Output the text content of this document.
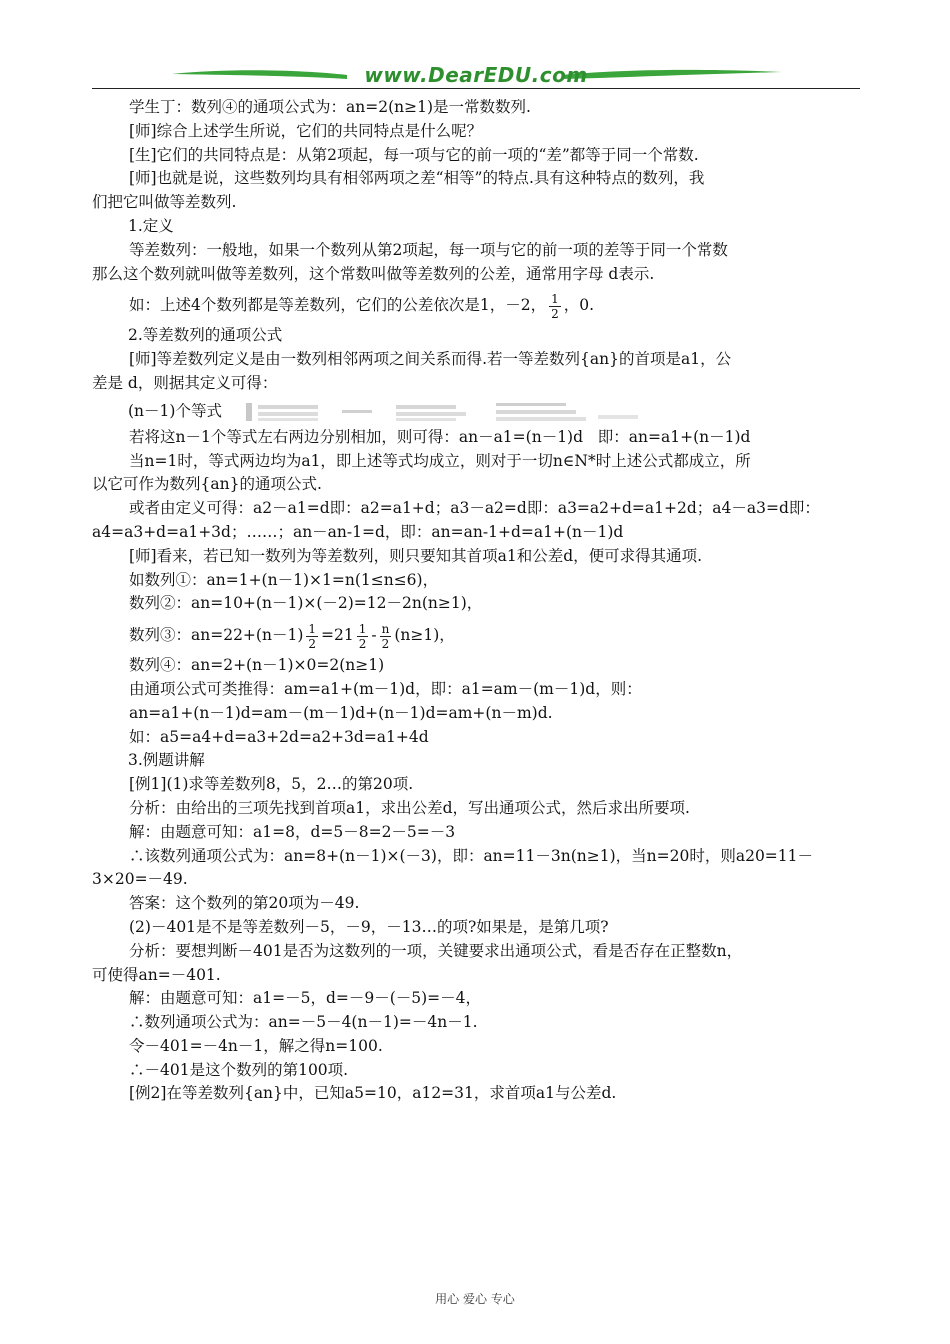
www.DearEDU.com
学生丁：数列④的通项公式为：an=2(n≥1)是一常数数列.
[师]综合上述学生所说，它们的共同特点是什么呢？
[生]它们的共同特点是：从第2项起，每一项与它的前一项的“差”都等于同一个常数.
[师]也就是说，这些数列均具有相邻两项之差“相等”的特点.具有这种特点的数列，我
们把它叫做等差数列.
1.定义
等差数列：一般地，如果一个数列从第2项起，每一项与它的前一项的差等于同一个常数
那么这个数列就叫做等差数列，这个常数叫做等差数列的公差，通常用字母 d表示.
如：上述4个数列都是等差数列，它们的公差依次是1，－2， $\frac{1}{2}$ ，0.
2.等差数列的通项公式
[师]等差数列定义是由一数列相邻两项之间关系而得.若一等差数列{an}的首项是a1，公
差是 d，则据其定义可得：
(n－1)个等式
若将这n－1个等式左右两边分别相加，则可得：an－a1=(n－1)d   即：an=a1+(n－1)d
当n=1时，等式两边均为a1，即上述等式均成立，则对于一切n∈N*时上述公式都成立，所
以它可作为数列{an}的通项公式.
或者由定义可得：a2－a1=d即：a2=a1+d；a3－a2=d即：a3=a2+d=a1+2d；a4－a3=d即：
a4=a3+d=a1+3d；……；an－an-1=d，即：an=an-1+d=a1+(n－1)d
[师]看来，若已知一数列为等差数列，则只要知其首项a1和公差d，便可求得其通项.
如数列①：an=1+(n－1)×1=n(1≤n≤6)，
数列②：an=10+(n－1)×(－2)=12－2n(n≥1)，
数列③：$an=22+(n-1) \frac{1}{2} =21 \frac{1}{2} - \frac{n}{2} (n\ge 1)$，
数列④：an=2+(n－1)×0=2(n≥1)
由通项公式可类推得：am=a1+(m－1)d，即：a1=am－(m－1)d，则：
an=a1+(n－1)d=am－(m－1)d+(n－1)d=am+(n－m)d.
如：a5=a4+d=a3+2d=a2+3d=a1+4d
3.例题讲解
[例1](1)求等差数列8，5，2…的第20项.
分析：由给出的三项先找到首项a1，求出公差d，写出通项公式，然后求出所要项.
解：由题意可知：a1=8，d=5－8=2－5=－3
∴该数列通项公式为：an=8+(n－1)×(－3)，即：an=11－3n(n≥1)，当n=20时，则a20=11－
3×20=－49.
答案：这个数列的第20项为－49.
(2)－401是不是等差数列－5，－9，－13…的项?如果是，是第几项?
分析：要想判断－401是否为这数列的一项，关键要求出通项公式，看是否存在正整数n，
可使得an=－401.
解：由题意可知：a1=－5，d=－9－(－5)=－4，
∴数列通项公式为：an=－5－4(n－1)=－4n－1.
令－401=－4n－1，解之得n=100.
∴－401是这个数列的第100项.
[例2]在等差数列{an}中，已知a5=10，a12=31，求首项a1与公差d.
用心 爱心 专心
